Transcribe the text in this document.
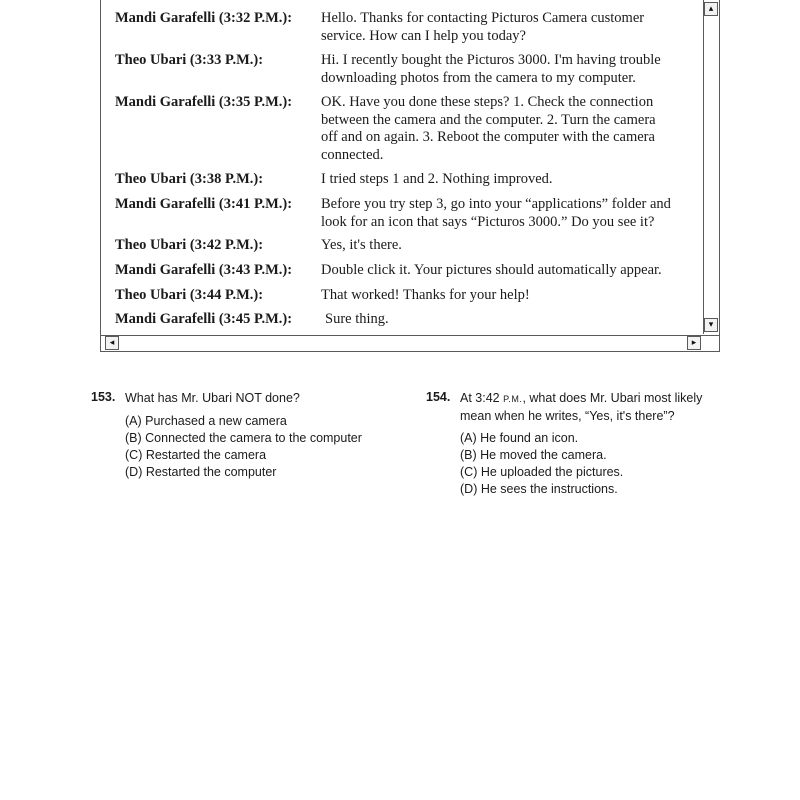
Mandi Garafelli (3:32 P.M.):	Hello. Thanks for contacting Picturos Camera customer
service. How can I help you today?
Theo Ubari (3:33 P.M.):	Hi. I recently bought the Picturos 3000. I'm having trouble
downloading photos from the camera to my computer.
Mandi Garafelli (3:35 P.M.):	OK. Have you done these steps? 1. Check the connection
between the camera and the computer. 2. Turn the camera
off and on again. 3. Reboot the computer with the camera
connected.
Theo Ubari (3:38 P.M.):	I tried steps 1 and 2. Nothing improved.
Mandi Garafelli (3:41 P.M.):	Before you try step 3, go into your “applications” folder and
look for an icon that says “Picturos 3000.” Do you see it?
Theo Ubari (3:42 P.M.):	Yes, it's there.
Mandi Garafelli (3:43 P.M.):	Double click it. Your pictures should automatically appear.
Theo Ubari (3:44 P.M.):	That worked! Thanks for your help!
Mandi Garafelli (3:45 P.M.):	Sure thing.
▴
▾
◂	▸
153. What has Mr. Ubari NOT done?
(A) Purchased a new camera
(B) Connected the camera to the computer
(C) Restarted the camera
(D) Restarted the computer
154. At 3:42 P.M., what does Mr. Ubari most likely
mean when he writes, “Yes, it's there”?
(A) He found an icon.
(B) He moved the camera.
(C) He uploaded the pictures.
(D) He sees the instructions.
